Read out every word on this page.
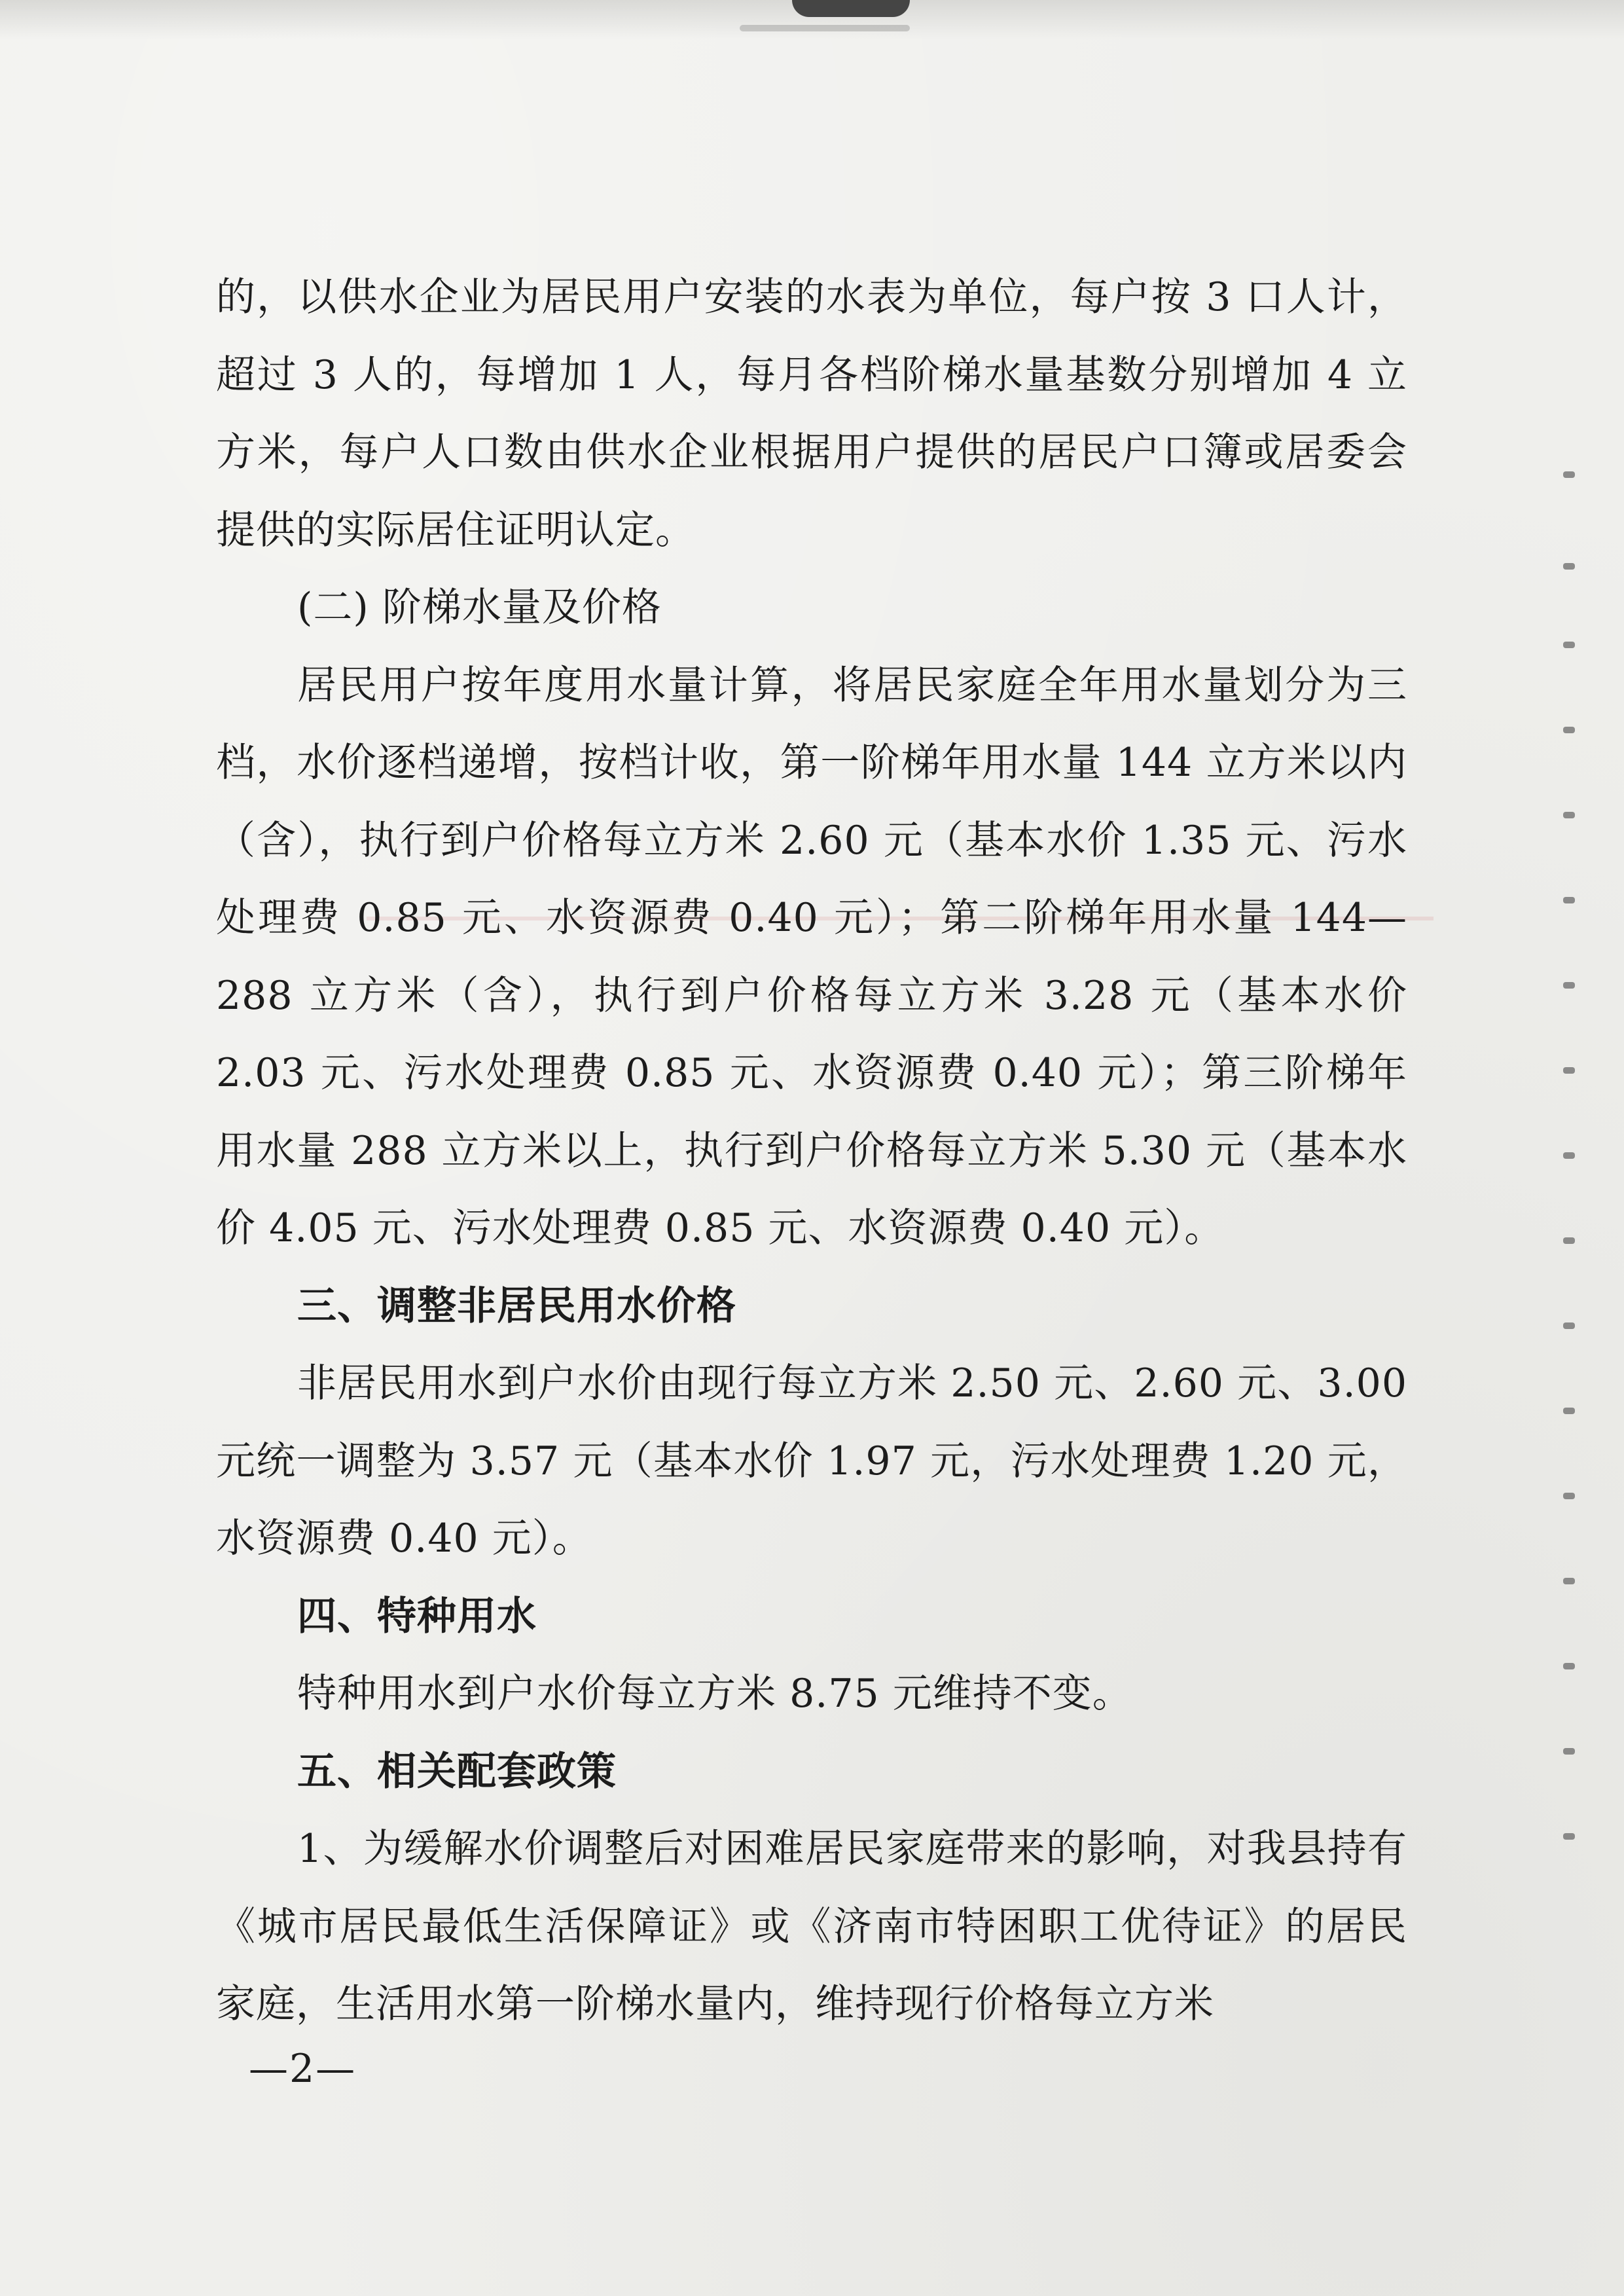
的，以供水企业为居民用户安装的水表为单位，每户按 3 口人计，超过 3 人的，每增加 1 人，每月各档阶梯水量基数分别增加 4 立方米，每户人口数由供水企业根据用户提供的居民户口簿或居委会提供的实际居住证明认定。

(二) 阶梯水量及价格

居民用户按年度用水量计算，将居民家庭全年用水量划分为三档，水价逐档递增，按档计收，第一阶梯年用水量 144 立方米以内（含），执行到户价格每立方米 2.60 元（基本水价 1.35 元、污水处理费 0.85 元、水资源费 0.40 元）；第二阶梯年用水量 144—288 立方米（含），执行到户价格每立方米 3.28 元（基本水价 2.03 元、污水处理费 0.85 元、水资源费 0.40 元）；第三阶梯年用水量 288 立方米以上，执行到户价格每立方米 5.30 元（基本水价 4.05 元、污水处理费 0.85 元、水资源费 0.40 元）。

三、调整非居民用水价格

非居民用水到户水价由现行每立方米 2.50 元、2.60 元、3.00 元统一调整为 3.57 元（基本水价 1.97 元，污水处理费 1.20 元，水资源费 0.40 元）。

四、特种用水

特种用水到户水价每立方米 8.75 元维持不变。

五、相关配套政策

1、为缓解水价调整后对困难居民家庭带来的影响，对我县持有《城市居民最低生活保障证》或《济南市特困职工优待证》的居民家庭，生活用水第一阶梯水量内，维持现行价格每立方米

—2—
